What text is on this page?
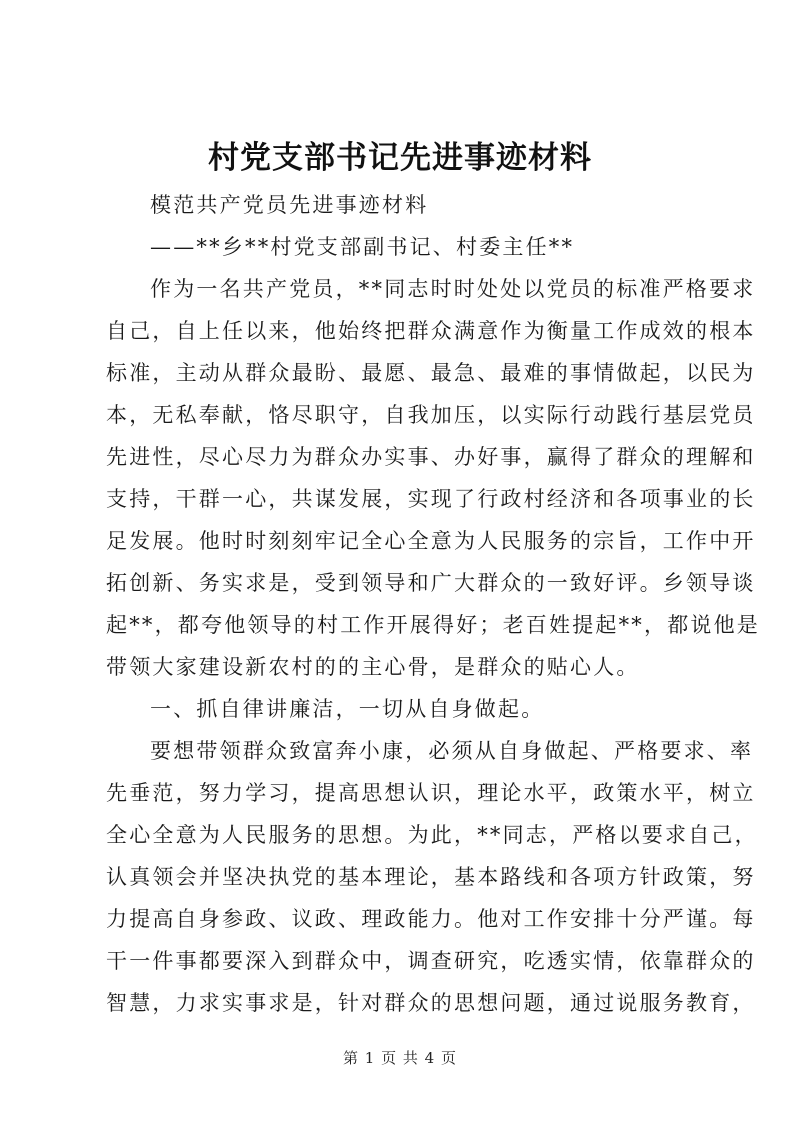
村党支部书记先进事迹材料
模范共产党员先进事迹材料
——**乡**村党支部副书记、村委主任**
作为一名共产党员，**同志时时处处以党员的标准严格要求
自己，自上任以来，他始终把群众满意作为衡量工作成效的根本
标准，主动从群众最盼、最愿、最急、最难的事情做起，以民为
本，无私奉献，恪尽职守，自我加压，以实际行动践行基层党员
先进性，尽心尽力为群众办实事、办好事，赢得了群众的理解和
支持，干群一心，共谋发展，实现了行政村经济和各项事业的长
足发展。他时时刻刻牢记全心全意为人民服务的宗旨，工作中开
拓创新、务实求是，受到领导和广大群众的一致好评。乡领导谈
起**，都夸他领导的村工作开展得好；老百姓提起**，都说他是
带领大家建设新农村的的主心骨，是群众的贴心人。
一、抓自律讲廉洁，一切从自身做起。
要想带领群众致富奔小康，必须从自身做起、严格要求、率
先垂范，努力学习，提高思想认识，理论水平，政策水平，树立
全心全意为人民服务的思想。为此，**同志，严格以要求自己，
认真领会并坚决执党的基本理论，基本路线和各项方针政策，努
力提高自身参政、议政、理政能力。他对工作安排十分严谨。每
干一件事都要深入到群众中，调查研究，吃透实情，依靠群众的
智慧，力求实事求是，针对群众的思想问题，通过说服务教育，
第 1 页 共 4 页
